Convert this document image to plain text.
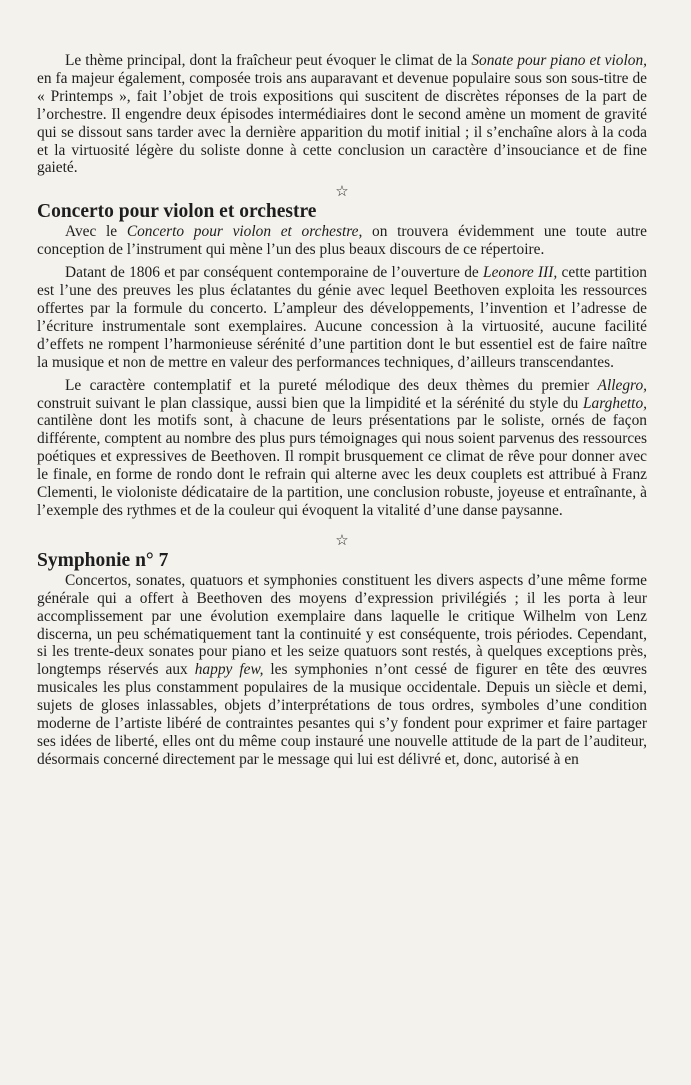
Le thème principal, dont la fraîcheur peut évoquer le climat de la Sonate pour piano et violon, en fa majeur également, composée trois ans auparavant et devenue populaire sous son sous-titre de « Printemps », fait l’objet de trois expositions qui suscitent de discrètes réponses de la part de l’orchestre. Il engendre deux épisodes intermédiaires dont le second amène un moment de gravité qui se dissout sans tarder avec la dernière apparition du motif initial ; il s’enchaîne alors à la coda et la virtuosité légère du soliste donne à cette conclusion un caractère d’insouciance et de fine gaieté.

☆
Concerto pour violon et orchestre

Avec le Concerto pour violon et orchestre, on trouvera évidemment une toute autre conception de l’instrument qui mène l’un des plus beaux discours de ce répertoire.

Datant de 1806 et par conséquent contemporaine de l’ouverture de Leonore III, cette partition est l’une des preuves les plus éclatantes du génie avec lequel Beethoven exploita les ressources offertes par la formule du concerto. L’ampleur des développements, l’invention et l’adresse de l’écriture instrumentale sont exemplaires. Aucune concession à la virtuosité, aucune facilité d’effets ne rompent l’harmonieuse sérénité d’une partition dont le but essentiel est de faire naître la musique et non de mettre en valeur des performances techniques, d’ailleurs transcendantes.

Le caractère contemplatif et la pureté mélodique des deux thèmes du premier Allegro, construit suivant le plan classique, aussi bien que la limpidité et la sérénité du style du Larghetto, cantilène dont les motifs sont, à chacune de leurs présentations par le soliste, ornés de façon différente, comptent au nombre des plus purs témoignages qui nous soient parvenus des ressources poétiques et expressives de Beethoven. Il rompit brusquement ce climat de rêve pour donner avec le finale, en forme de rondo dont le refrain qui alterne avec les deux couplets est attribué à Franz Clementi, le violoniste dédicataire de la partition, une conclusion robuste, joyeuse et entraînante, à l’exemple des rythmes et de la couleur qui évoquent la vitalité d’une danse paysanne.

☆
Symphonie n° 7

Concertos, sonates, quatuors et symphonies constituent les divers aspects d’une même forme générale qui a offert à Beethoven des moyens d’expression privilégiés ; il les porta à leur accomplissement par une évolution exemplaire dans laquelle le critique Wilhelm von Lenz discerna, un peu schématiquement tant la continuité y est conséquente, trois périodes. Cependant, si les trente-deux sonates pour piano et les seize quatuors sont restés, à quelques exceptions près, longtemps réservés aux happy few, les symphonies n’ont cessé de figurer en tête des œuvres musicales les plus constamment populaires de la musique occidentale. Depuis un siècle et demi, sujets de gloses inlassables, objets d’interprétations de tous ordres, symboles d’une condition moderne de l’artiste libéré de contraintes pesantes qui s’y fondent pour exprimer et faire partager ses idées de liberté, elles ont du même coup instauré une nouvelle attitude de la part de l’auditeur, désormais concerné directement par le message qui lui est délivré et, donc, autorisé à en
